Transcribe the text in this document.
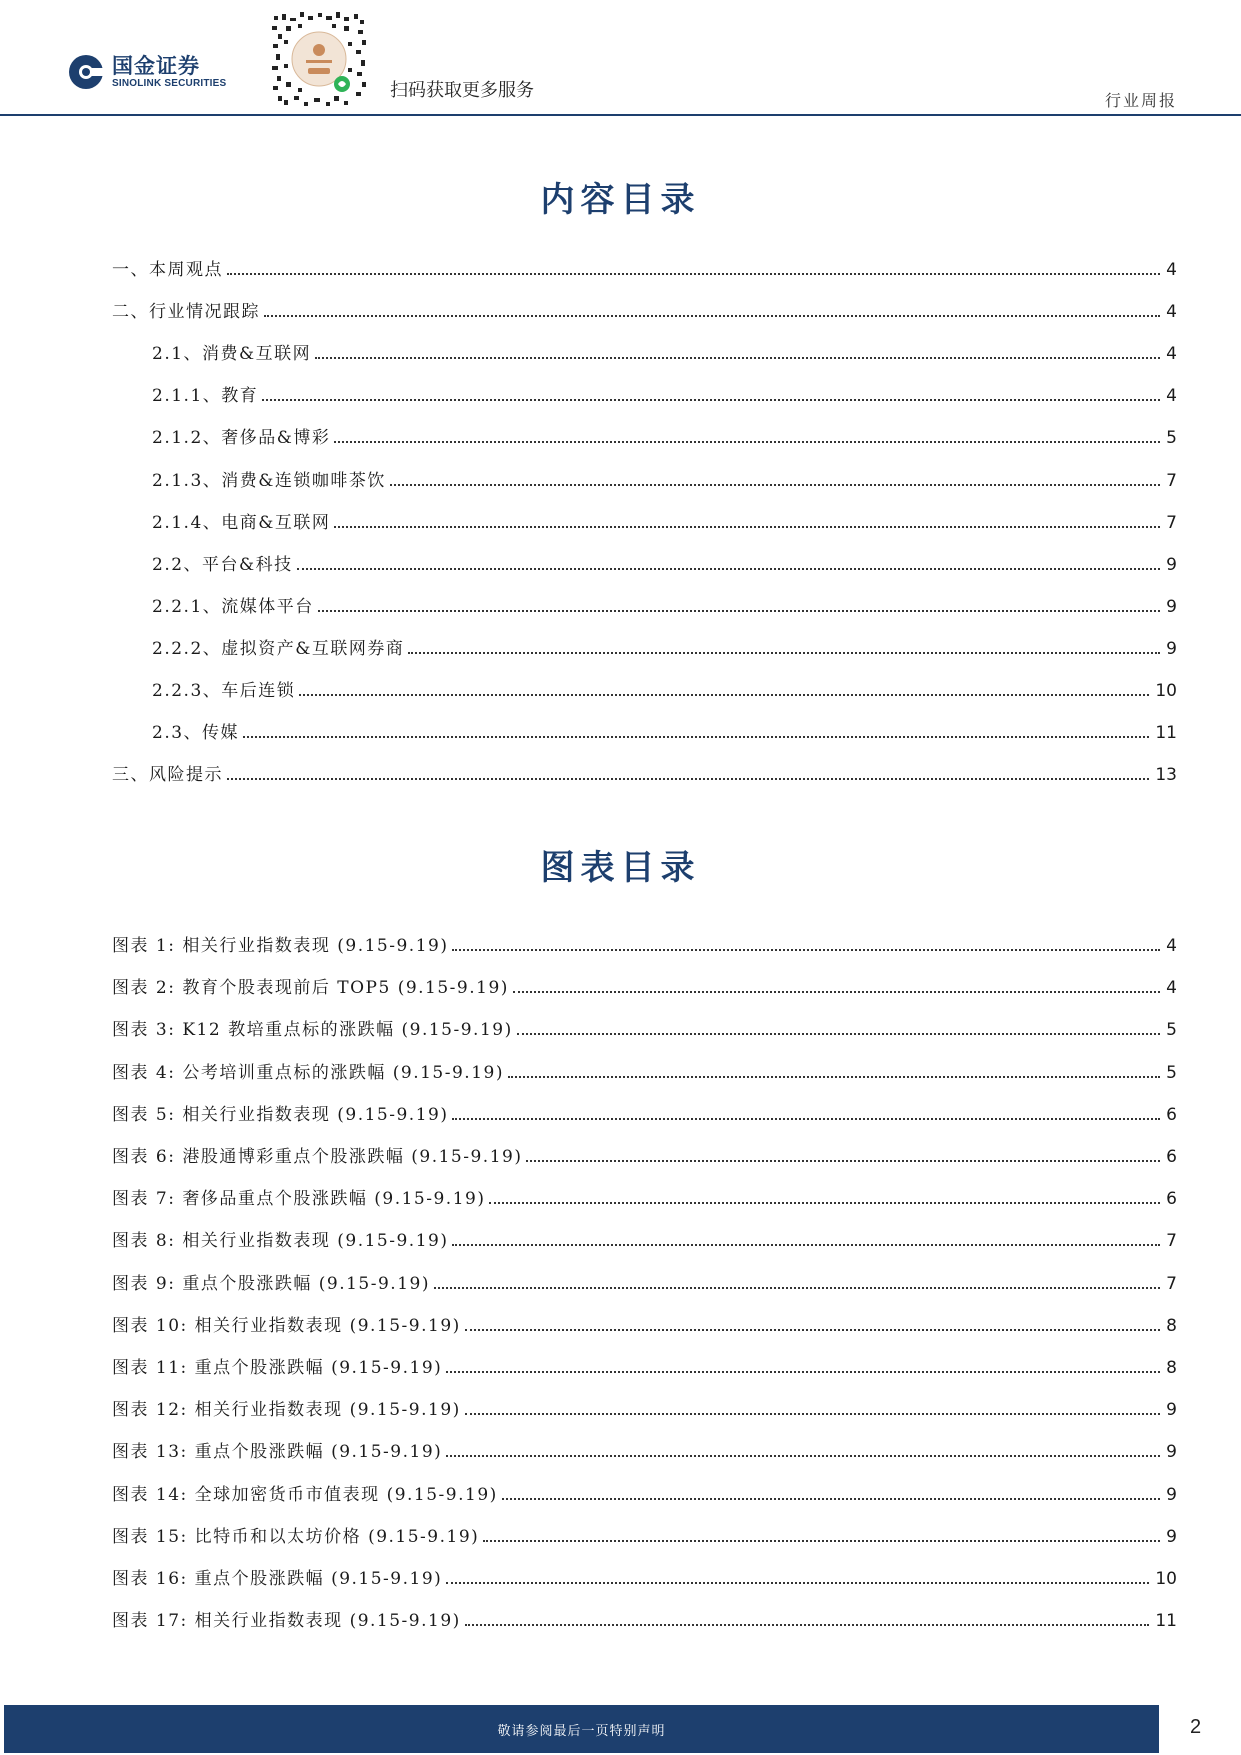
国金证券
SINOLINK SECURITIES	扫码获取更多服务	行业周报
内容目录
一、本周观点	4
二、行业情况跟踪	4
2.1、消费&互联网	4
2.1.1、教育	4
2.1.2、奢侈品&博彩	5
2.1.3、消费&连锁咖啡茶饮	7
2.1.4、电商&互联网	7
2.2、平台&科技	9
2.2.1、流媒体平台	9
2.2.2、虚拟资产&互联网券商	9
2.2.3、车后连锁	10
2.3、传媒	11
三、风险提示	13
图表目录
图表 1: 相关行业指数表现 (9.15-9.19)	4
图表 2: 教育个股表现前后 TOP5 (9.15-9.19)	4
图表 3: K12 教培重点标的涨跌幅 (9.15-9.19)	5
图表 4: 公考培训重点标的涨跌幅 (9.15-9.19)	5
图表 5: 相关行业指数表现 (9.15-9.19)	6
图表 6: 港股通博彩重点个股涨跌幅 (9.15-9.19)	6
图表 7: 奢侈品重点个股涨跌幅 (9.15-9.19)	6
图表 8: 相关行业指数表现 (9.15-9.19)	7
图表 9: 重点个股涨跌幅 (9.15-9.19)	7
图表 10: 相关行业指数表现 (9.15-9.19)	8
图表 11: 重点个股涨跌幅 (9.15-9.19)	8
图表 12: 相关行业指数表现 (9.15-9.19)	9
图表 13: 重点个股涨跌幅 (9.15-9.19)	9
图表 14: 全球加密货币市值表现 (9.15-9.19)	9
图表 15: 比特币和以太坊价格 (9.15-9.19)	9
图表 16: 重点个股涨跌幅 (9.15-9.19)	10
图表 17: 相关行业指数表现 (9.15-9.19)	11
敬请参阅最后一页特别声明	2
